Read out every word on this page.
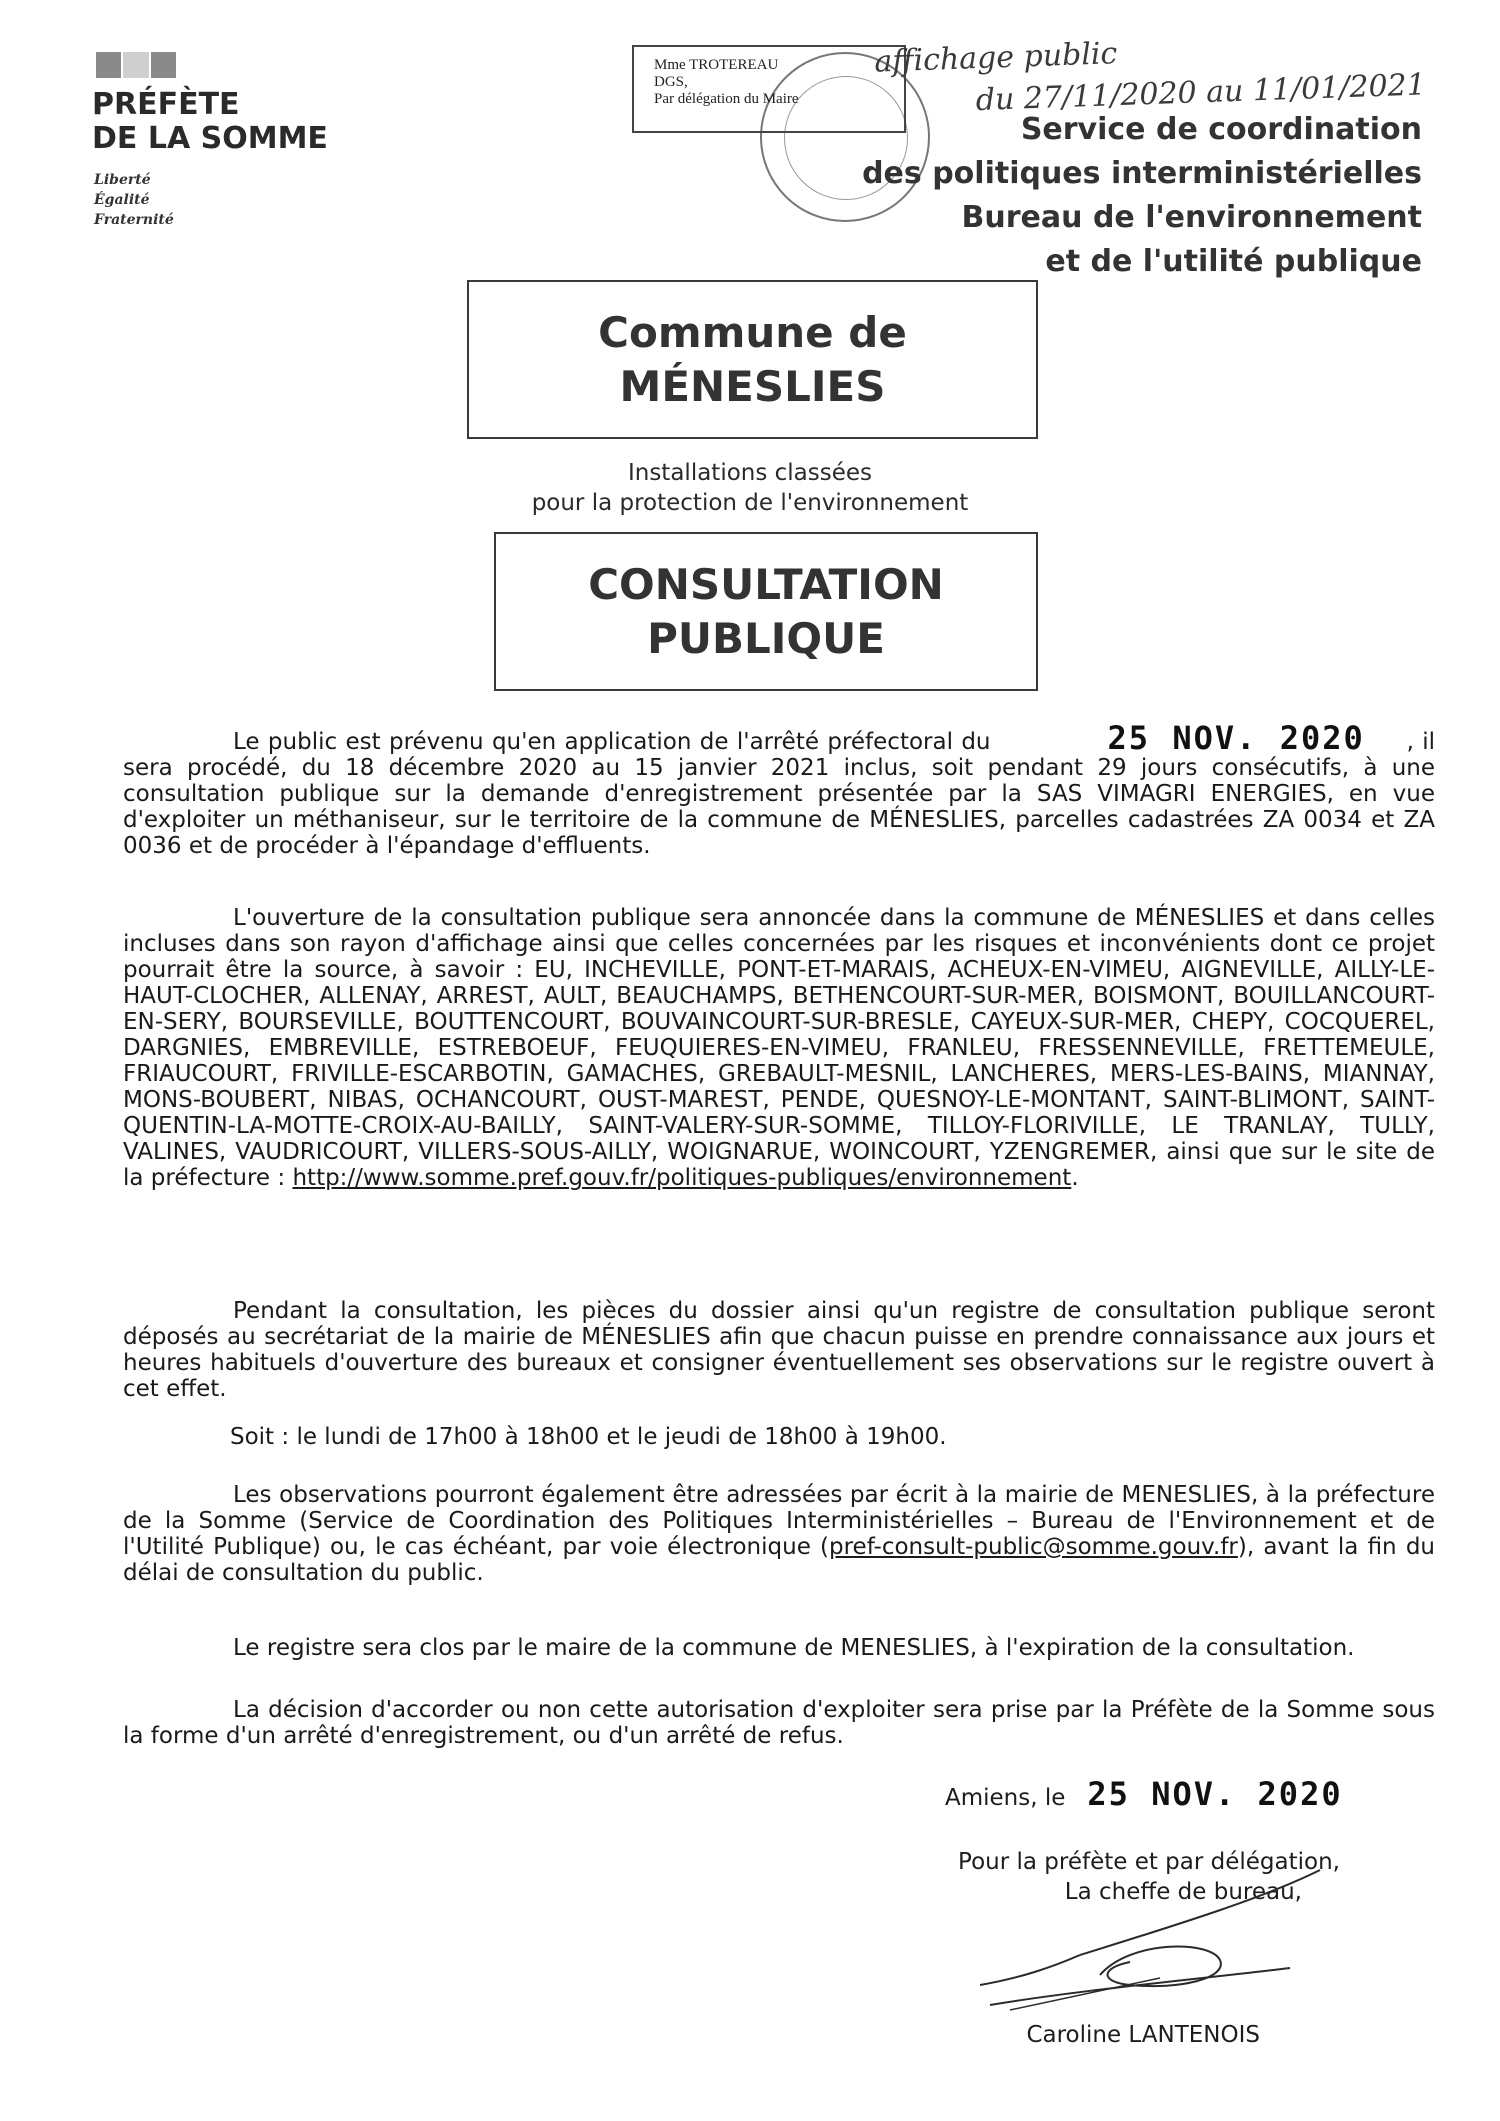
PRÉFÈTE
DE LA SOMME
Liberté
Égalité
Fraternité
Mme TROTEREAU
DGS,
Par délégation du Maire
affichage public
du 27/11/2020 au 11/01/2021
Service de coordination
des politiques interministérielles
Bureau de l'environnement
et de l'utilité publique
Commune de
MÉNESLIES
Installations classées
pour la protection de l'environnement
CONSULTATION
PUBLIQUE
Le public est prévenu qu'en application de l'arrêté préfectoral du	25 NOV. 2020 , il sera procédé, du 18 décembre 2020 au 15 janvier 2021 inclus, soit pendant 29 jours consécutifs, à une consultation publique sur la demande d'enregistrement présentée par la SAS VIMAGRI ENERGIES, en vue d'exploiter un méthaniseur, sur le territoire de la commune de MÉNESLIES, parcelles cadastrées ZA 0034 et ZA 0036 et de procéder à l'épandage d'effluents.
L'ouverture de la consultation publique sera annoncée dans la commune de MÉNESLIES et dans celles incluses dans son rayon d'affichage ainsi que celles concernées par les risques et inconvénients dont ce projet pourrait être la source, à savoir : EU, INCHEVILLE, PONT-ET-MARAIS, ACHEUX-EN-VIMEU, AIGNEVILLE, AILLY-LE-HAUT-CLOCHER, ALLENAY, ARREST, AULT, BEAUCHAMPS, BETHENCOURT-SUR-MER, BOISMONT, BOUILLANCOURT-EN-SERY, BOURSEVILLE, BOUTTENCOURT, BOUVAINCOURT-SUR-BRESLE, CAYEUX-SUR-MER, CHEPY, COCQUEREL, DARGNIES, EMBREVILLE, ESTREBOEUF, FEUQUIERES-EN-VIMEU, FRANLEU, FRESSENNEVILLE, FRETTEMEULE, FRIAUCOURT, FRIVILLE-ESCARBOTIN, GAMACHES, GREBAULT-MESNIL, LANCHERES, MERS-LES-BAINS, MIANNAY, MONS-BOUBERT, NIBAS, OCHANCOURT, OUST-MAREST, PENDE, QUESNOY-LE-MONTANT, SAINT-BLIMONT, SAINT-QUENTIN-LA-MOTTE-CROIX-AU-BAILLY, SAINT-VALERY-SUR-SOMME, TILLOY-FLORIVILLE, LE TRANLAY, TULLY, VALINES, VAUDRICOURT, VILLERS-SOUS-AILLY, WOIGNARUE, WOINCOURT, YZENGREMER, ainsi que sur le site de la préfecture : http://www.somme.pref.gouv.fr/politiques-publiques/environnement.
Pendant la consultation, les pièces du dossier ainsi qu'un registre de consultation publique seront déposés au secrétariat de la mairie de MÉNESLIES afin que chacun puisse en prendre connaissance aux jours et heures habituels d'ouverture des bureaux et consigner éventuellement ses observations sur le registre ouvert à cet effet.
Soit : le lundi de 17h00 à 18h00 et le jeudi de 18h00 à 19h00.
Les observations pourront également être adressées par écrit à la mairie de MENESLIES, à la préfecture de la Somme (Service de Coordination des Politiques Interministérielles – Bureau de l'Environnement et de l'Utilité Publique) ou, le cas échéant, par voie électronique (pref-consult-public@somme.gouv.fr), avant la fin du délai de consultation du public.
Le registre sera clos par le maire de la commune de MENESLIES, à l'expiration de la consultation.
La décision d'accorder ou non cette autorisation d'exploiter sera prise par la Préfète de la Somme sous la forme d'un arrêté d'enregistrement, ou d'un arrêté de refus.
Amiens, le 25 NOV. 2020
Pour la préfète et par délégation,
La cheffe de bureau,
Caroline LANTENOIS
